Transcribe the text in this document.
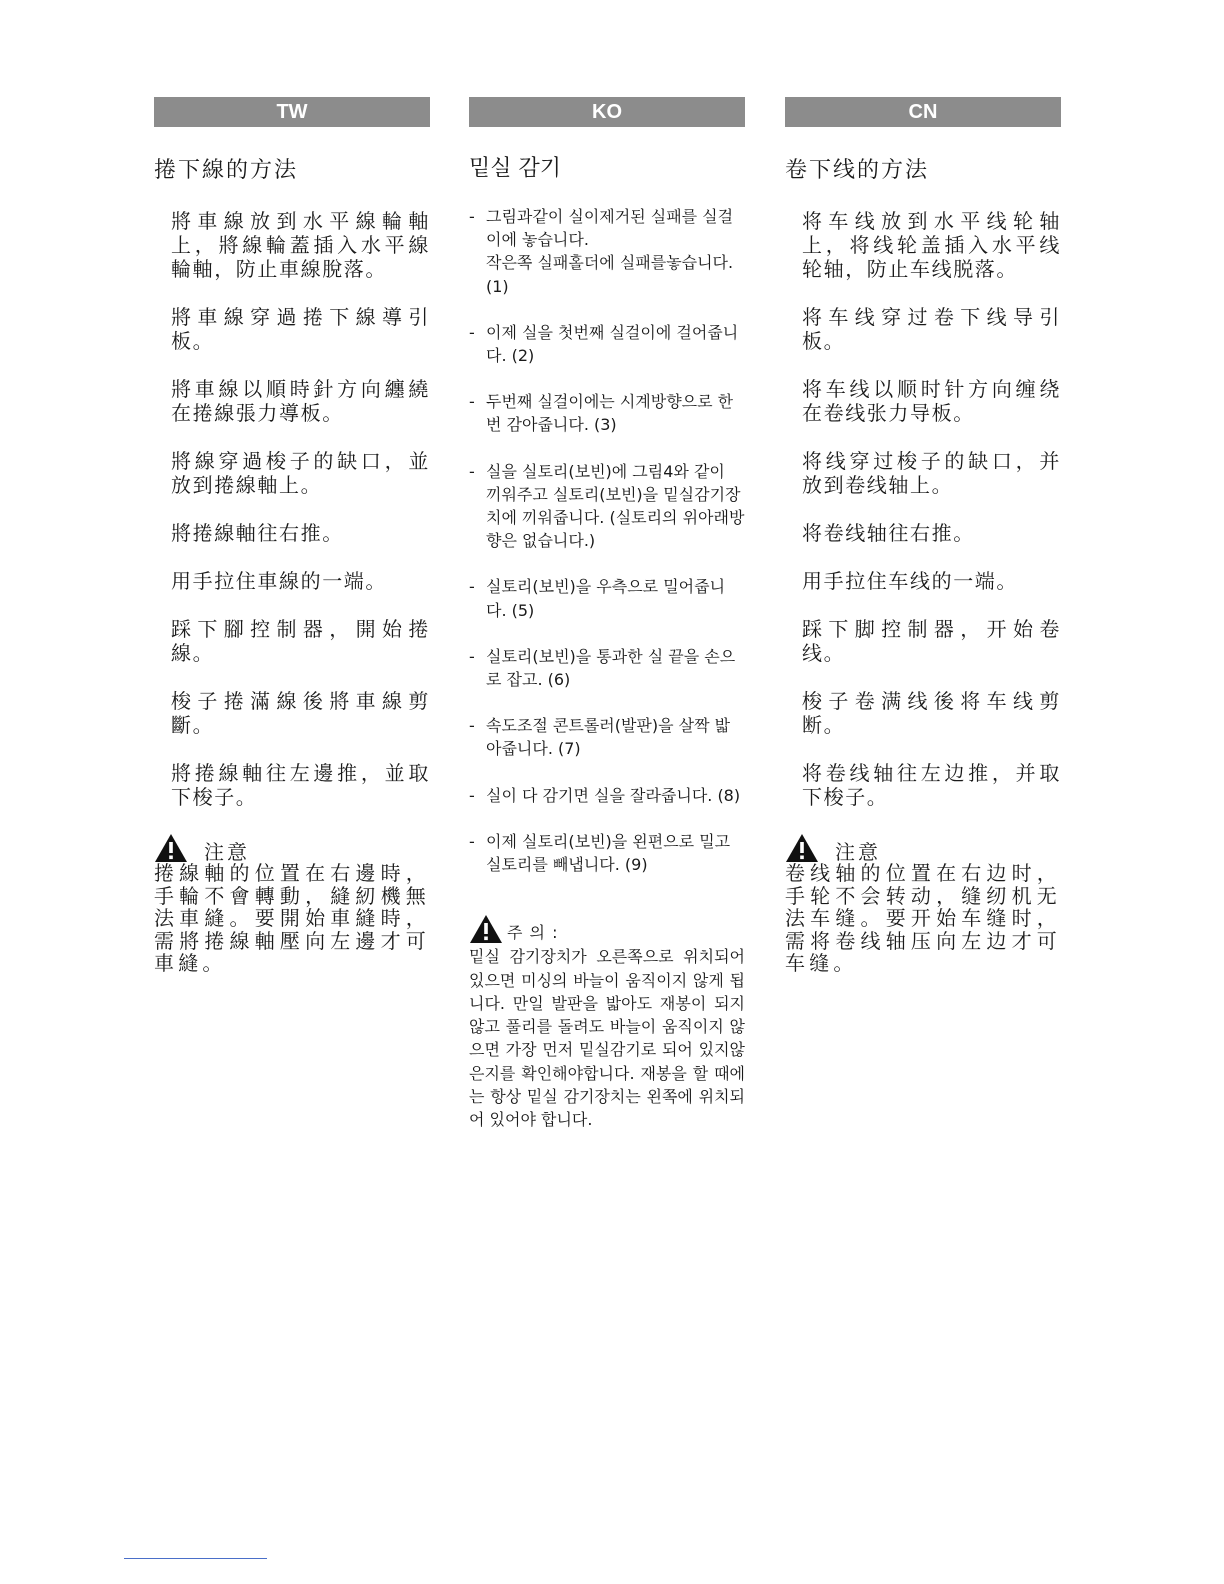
TW
捲下線的方法
將車線放到水平線輪軸上，將線輪蓋插入水平線輪軸，防止車線脫落。
將車線穿過捲下線導引板。
將車線以順時針方向纏繞在捲線張力導板。
將線穿過梭子的缺口，並放到捲線軸上。
將捲線軸往右推。
用手拉住車線的一端。
踩下腳控制器，開始捲線。
梭子捲滿線後將車線剪斷。
將捲線軸往左邊推，並取下梭子。
注意
捲線軸的位置在右邊時，手輪不會轉動，縫紉機無法車縫。要開始車縫時，需將捲線軸壓向左邊才可車縫。
KO
밑실 감기
- 그림과같이 실이제거된 실패를 실걸이에 놓습니다.
작은쪽 실패홀더에 실패를놓습니다. (1)
- 이제 실을 첫번째 실걸이에 걸어줍니다. (2)
- 두번째 실걸이에는 시계방향으로 한번 감아줍니다. (3)
- 실을 실토리(보빈)에 그림4와 같이 끼워주고 실토리(보빈)을 밑실감기장치에 끼워줍니다. (실토리의 위아래방향은 없습니다.)
- 실토리(보빈)을 우측으로 밀어줍니다. (5)
- 실토리(보빈)을 통과한 실 끝을 손으로 잡고. (6)
- 속도조절 콘트롤러(발판)을 살짝 밟아줍니다. (7)
- 실이 다 감기면 실을 잘라줍니다. (8)
- 이제 실토리(보빈)을 왼편으로 밀고 실토리를 빼냅니다. (9)
주 의 :
밑실 감기장치가 오른쪽으로 위치되어 있으면 미싱의 바늘이 움직이지 않게 됩니다. 만일 발판을 밟아도 재봉이 되지않고 풀리를 돌려도 바늘이 움직이지 않으면 가장 먼저 밑실감기로 되어 있지않은지를 확인해야합니다. 재봉을 할 때에는 항상 밑실 감기장치는 왼쪽에 위치되어 있어야 합니다.
CN
卷下线的方法
将车线放到水平线轮轴上，将线轮盖插入水平线轮轴，防止车线脱落。
将车线穿过卷下线导引板。
将车线以顺时针方向缠绕在卷线张力导板。
将线穿过梭子的缺口，并放到卷线轴上。
将卷线轴往右推。
用手拉住车线的一端。
踩下脚控制器，开始卷线。
梭子卷满线後将车线剪断。
将卷线轴往左边推，并取下梭子。
注意
卷线轴的位置在右边时，手轮不会转动，缝纫机无法车缝。要开始车缝时，需将卷线轴压向左边才可车缝。
